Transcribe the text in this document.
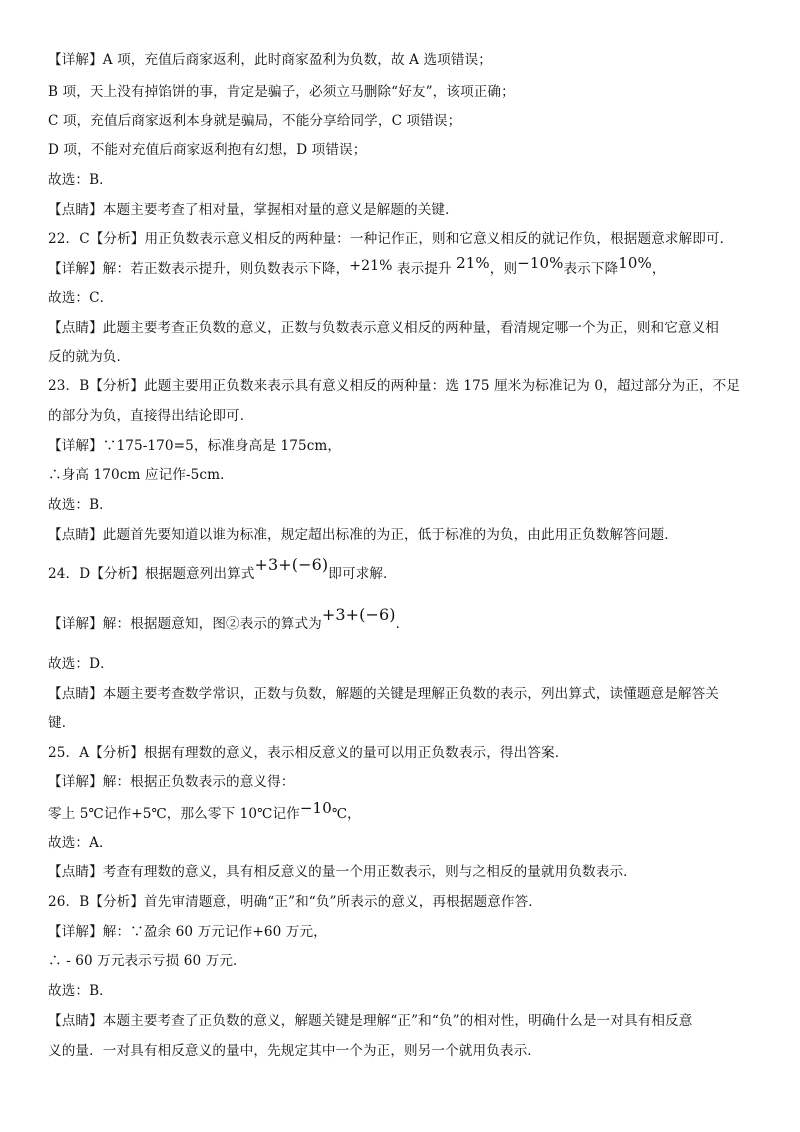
【详解】A 项，充值后商家返利，此时商家盈利为负数，故 A 选项错误；
B 项，天上没有掉馅饼的事，肯定是骗子，必须立马删除“好友”，该项正确；
C 项，充值后商家返利本身就是骗局，不能分享给同学，C 项错误；
D 项，不能对充值后商家返利抱有幻想，D 项错误；
故选：B．
【点睛】本题主要考查了相对量，掌握相对量的意义是解题的关键．
22．C【分析】用正负数表示意义相反的两种量：一种记作正，则和它意义相反的就记作负，根据题意求解即可．
【详解】解：若正数表示提升，则负数表示下降，+21% 表示提升 21%，则−10%表示下降10%，
故选：C．
【点睛】此题主要考查正负数的意义，正数与负数表示意义相反的两种量，看清规定哪一个为正，则和它意义相
反的就为负．
23．B【分析】此题主要用正负数来表示具有意义相反的两种量：选 175 厘米为标准记为 0，超过部分为正，不足
的部分为负，直接得出结论即可．
【详解】∵175-170=5，标准身高是 175cm，
∴身高 170cm 应记作-5cm．
故选：B．
【点睛】此题首先要知道以谁为标准，规定超出标准的为正，低于标准的为负，由此用正负数解答问题．
24．D【分析】根据题意列出算式+3+(−6)即可求解．
【详解】解：根据题意知，图②表示的算式为+3+(−6)．
故选：D．
【点睛】本题主要考查数学常识，正数与负数，解题的关键是理解正负数的表示，列出算式，读懂题意是解答关
键．
25．A【分析】根据有理数的意义，表示相反意义的量可以用正负数表示，得出答案．
【详解】解：根据正负数表示的意义得：
零上 5℃记作+5℃，那么零下 10℃记作−10℃，
故选：A．
【点睛】考查有理数的意义，具有相反意义的量一个用正数表示，则与之相反的量就用负数表示．
26．B【分析】首先审清题意，明确“正”和“负”所表示的意义，再根据题意作答．
【详解】解：∵盈余 60 万元记作+60 万元，
∴ - 60 万元表示亏损 60 万元．
故选：B．
【点睛】本题主要考查了正负数的意义，解题关键是理解“正”和“负”的相对性，明确什么是一对具有相反意
义的量．一对具有相反意义的量中，先规定其中一个为正，则另一个就用负表示．
